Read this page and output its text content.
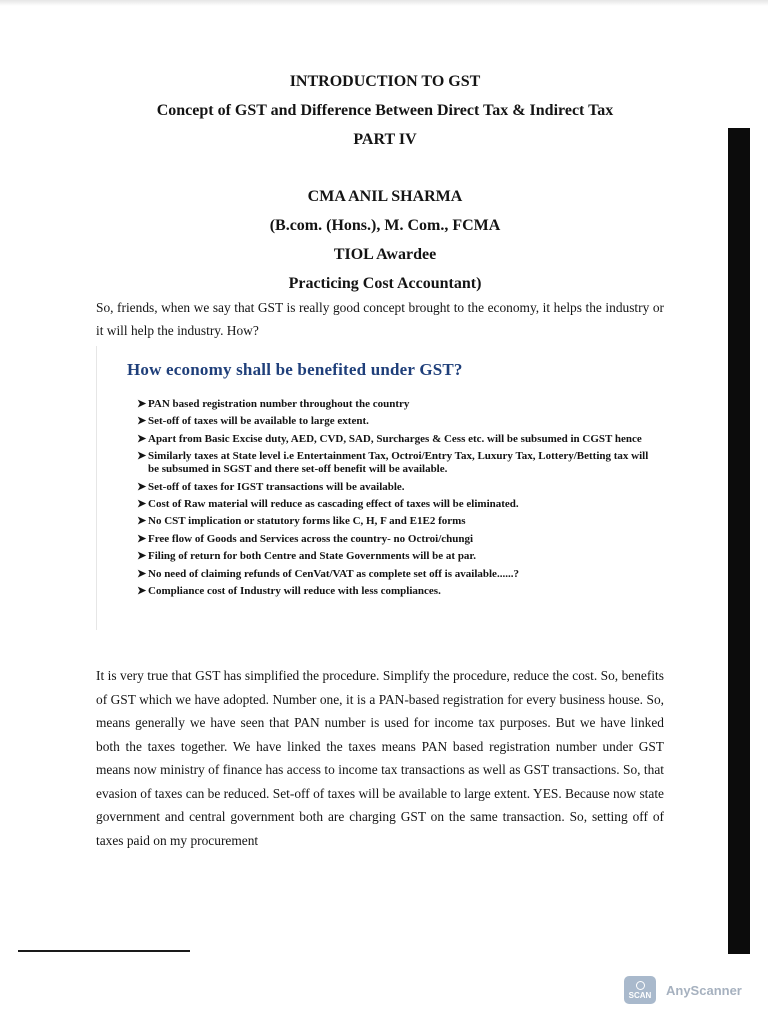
INTRODUCTION TO GST
Concept of GST and Difference Between Direct Tax & Indirect Tax
PART IV
CMA ANIL SHARMA
(B.com. (Hons.), M. Com., FCMA
TIOL Awardee
Practicing Cost Accountant)

So, friends, when we say that GST is really good concept brought to the economy, it helps the industry or it will help the industry. How?

How economy shall be benefited under GST?
➤ PAN based registration number throughout the country
➤ Set-off of taxes will be available to large extent.
➤ Apart from Basic Excise duty, AED, CVD, SAD, Surcharges & Cess etc. will be subsumed in CGST hence
➤ Similarly taxes at State level i.e Entertainment Tax, Octroi/Entry Tax, Luxury Tax, Lottery/Betting tax will be subsumed in SGST and there set-off benefit will be available.
➤ Set-off of taxes for IGST transactions will be available.
➤ Cost of Raw material will reduce as cascading effect of taxes will be eliminated.
➤ No CST implication or statutory forms like C, H, F and E1E2 forms
➤ Free flow of Goods and Services across the country- no Octroi/chungi
➤ Filing of return for both Centre and State Governments will be at par.
➤ No need of claiming refunds of CenVat/VAT as complete set off is available......?
➤ Compliance cost of Industry will reduce with less compliances.

It is very true that GST has simplified the procedure. Simplify the procedure, reduce the cost. So, benefits of GST which we have adopted. Number one, it is a PAN-based registration for every business house. So, means generally we have seen that PAN number is used for income tax purposes. But we have linked both the taxes together. We have linked the taxes means PAN based registration number under GST means now ministry of finance has access to income tax transactions as well as GST transactions. So, that evasion of taxes can be reduced. Set-off of taxes will be available to large extent. YES. Because now state government and central government both are charging GST on the same transaction. So, setting off of taxes paid on my procurement

SCAN AnyScanner
